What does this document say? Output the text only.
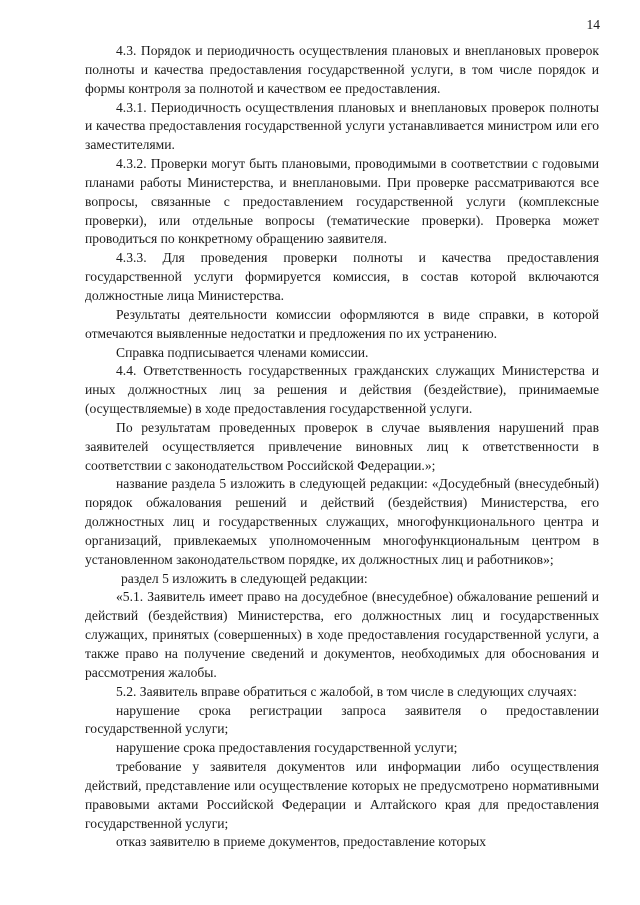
14

4.3. Порядок и периодичность осуществления плановых и внеплановых проверок полноты и качества предоставления государственной услуги, в том числе порядок и формы контроля за полнотой и качеством ее предоставления.

4.3.1. Периодичность осуществления плановых и внеплановых проверок полноты и качества предоставления государственной услуги устанавливается министром или его заместителями.

4.3.2. Проверки могут быть плановыми, проводимыми в соответствии с годовыми планами работы Министерства, и внеплановыми. При проверке рассматриваются все вопросы, связанные с предоставлением государственной услуги (комплексные проверки), или отдельные вопросы (тематические проверки). Проверка может проводиться по конкретному обращению заявителя.

4.3.3. Для проведения проверки полноты и качества предоставления государственной услуги формируется комиссия, в состав которой включаются должностные лица Министерства.

Результаты деятельности комиссии оформляются в виде справки, в которой отмечаются выявленные недостатки и предложения по их устранению.

Справка подписывается членами комиссии.

4.4. Ответственность государственных гражданских служащих Министерства и иных должностных лиц за решения и действия (бездействие), принимаемые (осуществляемые) в ходе предоставления государственной услуги.

По результатам проведенных проверок в случае выявления нарушений прав заявителей осуществляется привлечение виновных лиц к ответственности в соответствии с законодательством Российской Федерации.»;

название раздела 5 изложить в следующей редакции: «Досудебный (внесудебный) порядок обжалования решений и действий (бездействия) Министерства, его должностных лиц и государственных служащих, многофункционального центра и организаций, привлекаемых уполномоченным многофункциональным центром в установленном законодательством порядке, их должностных лиц и работников»;

раздел 5 изложить в следующей редакции:

«5.1. Заявитель имеет право на досудебное (внесудебное) обжалование решений и действий (бездействия) Министерства, его должностных лиц и государственных служащих, принятых (совершенных) в ходе предоставления государственной услуги, а также право на получение сведений и документов, необходимых для обоснования и рассмотрения жалобы.

5.2. Заявитель вправе обратиться с жалобой, в том числе в следующих случаях:

нарушение срока регистрации запроса заявителя о предоставлении государственной услуги;

нарушение срока предоставления государственной услуги;

требование у заявителя документов или информации либо осуществления действий, представление или осуществление которых не предусмотрено нормативными правовыми актами Российской Федерации и Алтайского края для предоставления государственной услуги;

отказ заявителю в приеме документов, предоставление которых
